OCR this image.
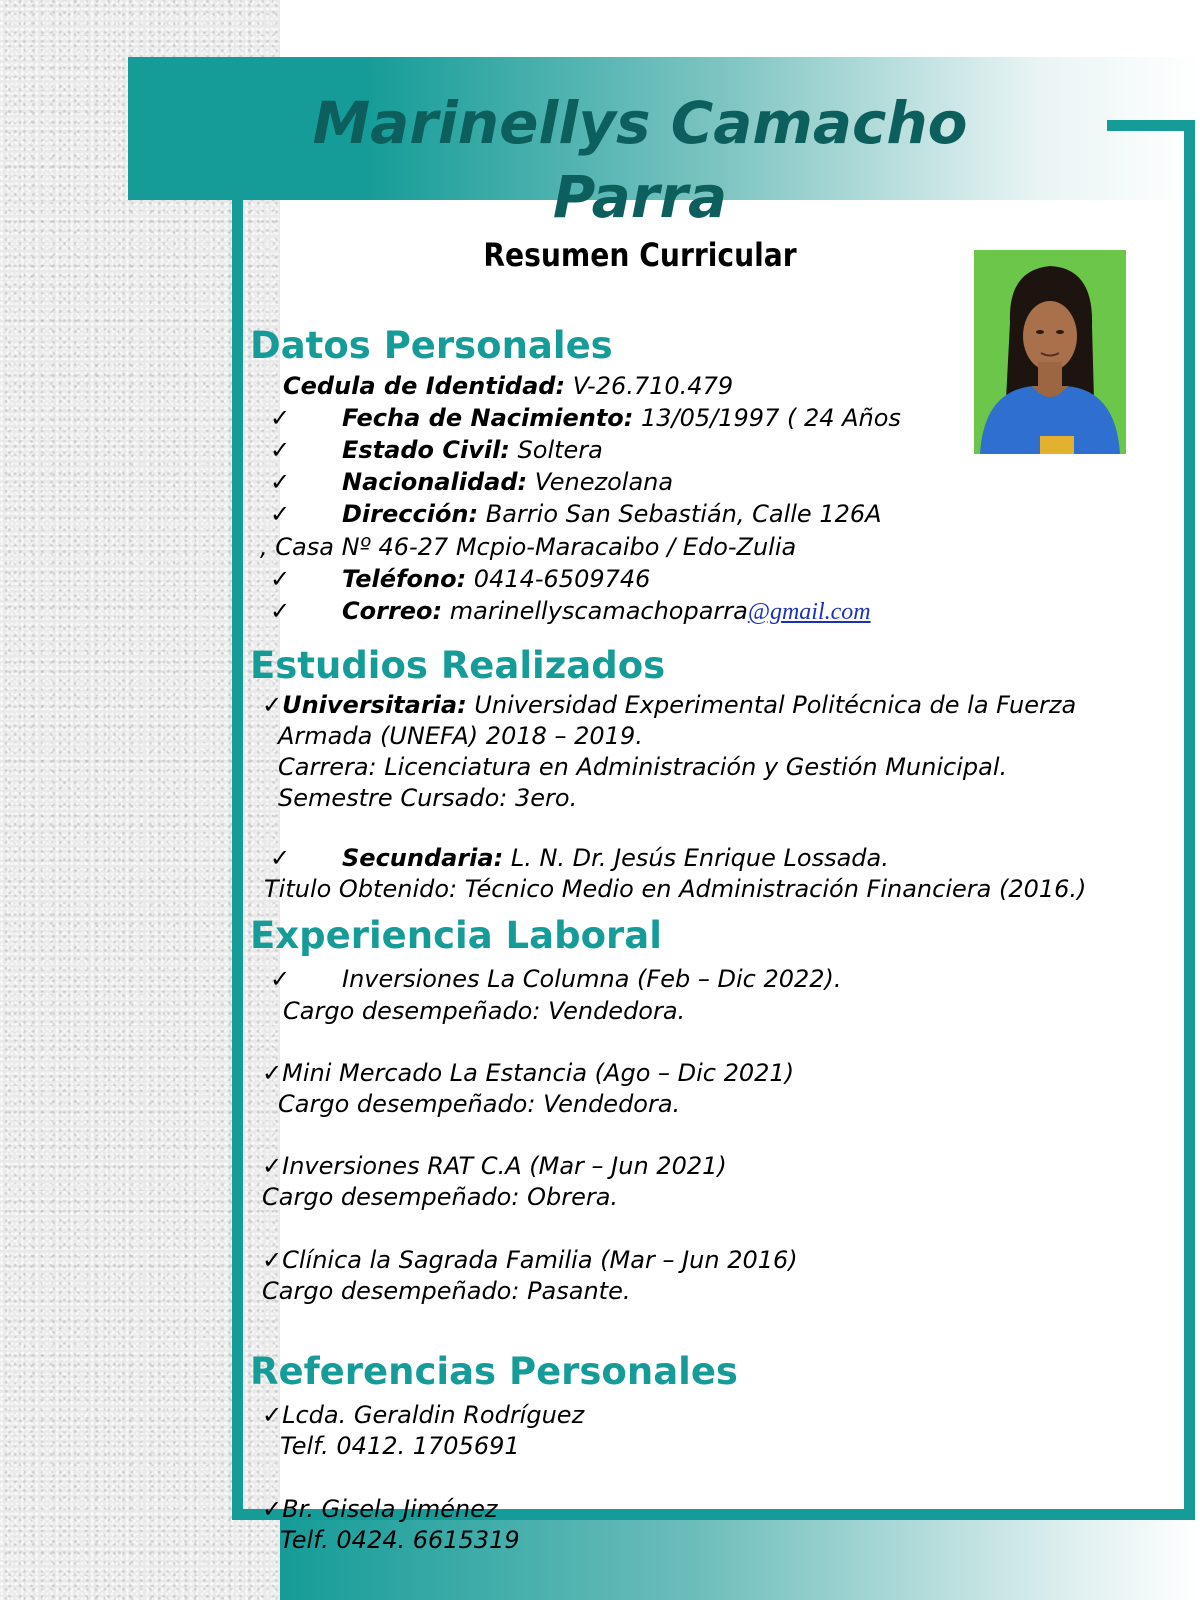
Marinellys Camacho
Parra
Resumen Curricular
Datos Personales
Cedula de Identidad: V-26.710.479
✓ Fecha de Nacimiento: 13/05/1997 ( 24 Años
✓ Estado Civil: Soltera
✓ Nacionalidad: Venezolana
✓ Dirección: Barrio San Sebastián, Calle 126A
, Casa Nº 46-27 Mcpio-Maracaibo / Edo-Zulia
✓ Teléfono: 0414-6509746
✓ Correo: marinellyscamachoparra@gmail.com
Estudios Realizados
✓Universitaria: Universidad Experimental Politécnica de la Fuerza
Armada (UNEFA) 2018 – 2019.
Carrera: Licenciatura en Administración y Gestión Municipal.
Semestre Cursado: 3ero.
✓ Secundaria: L. N. Dr. Jesús Enrique Lossada.
Titulo Obtenido: Técnico Medio en Administración Financiera (2016.)
Experiencia Laboral
✓ Inversiones La Columna (Feb – Dic 2022).
Cargo desempeñado: Vendedora.
✓Mini Mercado La Estancia (Ago – Dic 2021)
Cargo desempeñado: Vendedora.
✓Inversiones RAT C.A (Mar – Jun 2021)
Cargo desempeñado: Obrera.
✓Clínica la Sagrada Familia (Mar – Jun 2016)
Cargo desempeñado: Pasante.
Referencias Personales
✓Lcda. Geraldin Rodríguez
Telf. 0412. 1705691
✓Br. Gisela Jiménez
Telf. 0424. 6615319
